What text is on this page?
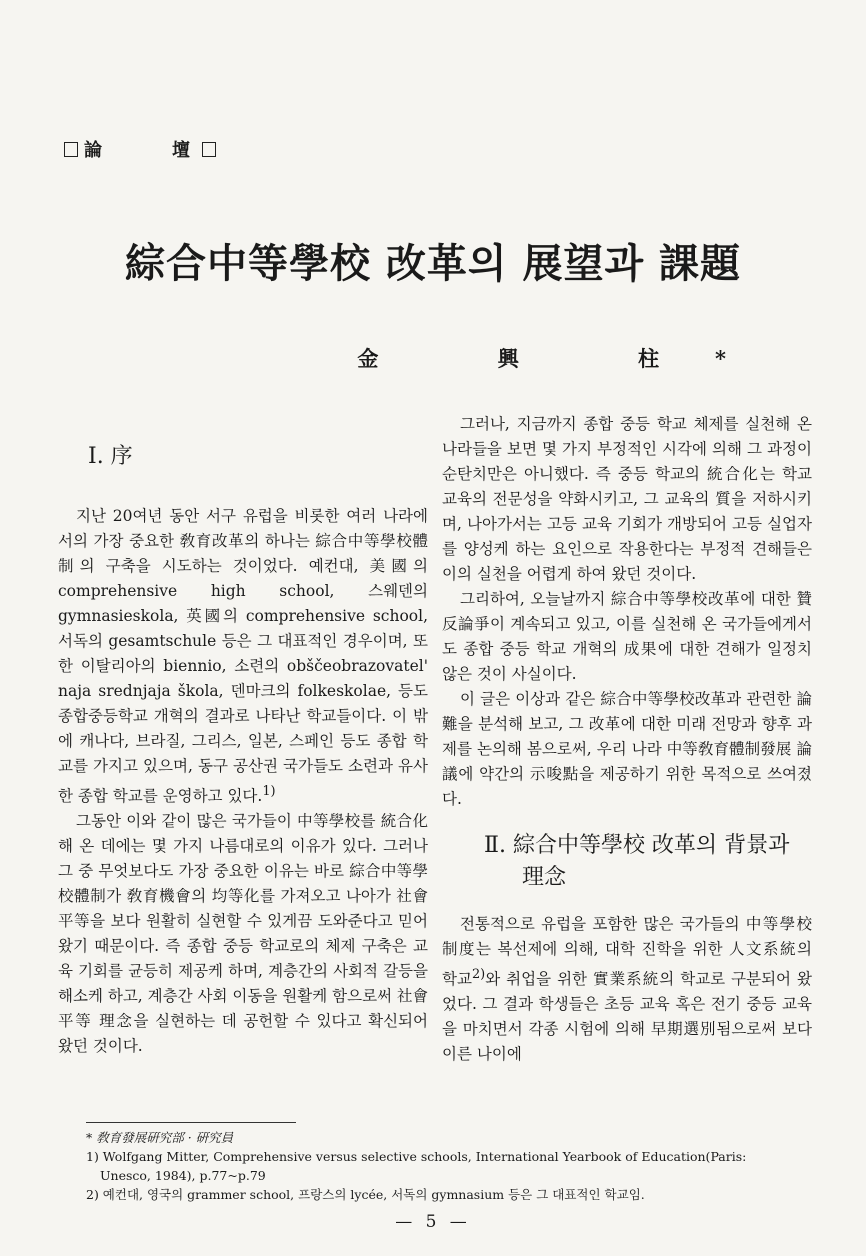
論　壇
綜合中等學校 改革의 展望과 課題
金 興 柱*
Ⅰ. 序

지난 20여년 동안 서구 유럽을 비롯한 여러 나라에서의 가장 중요한 敎育改革의 하나는 綜合中等學校體制의 구축을 시도하는 것이었다. 예컨대, 美國의 comprehensive high school, 스웨덴의 gymnasieskola, 英國의 comprehensive school, 서독의 gesamtschule 등은 그 대표적인 경우이며, 또한 이탈리아의 biennio, 소련의 obščeobrazovatel' naja srednjaja škola, 덴마크의 folkeskolae, 등도 종합중등학교 개혁의 결과로 나타난 학교들이다. 이 밖에 캐나다, 브라질, 그리스, 일본, 스페인 등도 종합 학교를 가지고 있으며, 동구 공산권 국가들도 소련과 유사한 종합 학교를 운영하고 있다.$^{1)}$

그동안 이와 같이 많은 국가들이 中等學校를 統合化해 온 데에는 몇 가지 나름대로의 이유가 있다. 그러나 그 중 무엇보다도 가장 중요한 이유는 바로 綜合中等學校體制가 敎育機會의 均等化를 가져오고 나아가 社會平等을 보다 원활히 실현할 수 있게끔 도와준다고 믿어 왔기 때문이다. 즉 종합 중등 학교로의 체제 구축은 교육 기회를 균등히 제공케 하며, 계층간의 사회적 갈등을 해소케 하고, 계층간 사회 이동을 원활케 함으로써 社會平等 理念을 실현하는 데 공헌할 수 있다고 확신되어 왔던 것이다.

그러나, 지금까지 종합 중등 학교 체제를 실천해 온 나라들을 보면 몇 가지 부정적인 시각에 의해 그 과정이 순탄치만은 아니했다. 즉 중등 학교의 統合化는 학교 교육의 전문성을 약화시키고, 그 교육의 質을 저하시키며, 나아가서는 고등 교육 기회가 개방되어 고등 실업자를 양성케 하는 요인으로 작용한다는 부정적 견해들은 이의 실천을 어렵게 하여 왔던 것이다.

그리하여, 오늘날까지 綜合中等學校改革에 대한 贊反論爭이 계속되고 있고, 이를 실천해 온 국가들에게서도 종합 중등 학교 개혁의 成果에 대한 견해가 일정치 않은 것이 사실이다.

이 글은 이상과 같은 綜合中等學校改革과 관련한 論難을 분석해 보고, 그 改革에 대한 미래 전망과 향후 과제를 논의해 봄으로써, 우리 나라 中等敎育體制發展 論議에 약간의 示唆點을 제공하기 위한 목적으로 쓰여졌다.

Ⅱ. 綜合中等學校 改革의 背景과
理念

전통적으로 유럽을 포함한 많은 국가들의 中等學校制度는 복선제에 의해, 대학 진학을 위한 人文系統의 학교$^{2)}$와 취업을 위한 實業系統의 학교로 구분되어 왔었다. 그 결과 학생들은 초등 교육 혹은 전기 중등 교육을 마치면서 각종 시험에 의해 早期選別됨으로써 보다 이른 나이에

* 敎育發展硏究部 · 硏究員

1) Wolfgang Mitter, Comprehensive versus selective schools, International Yearbook of Education(Paris:

Unesco, 1984), p.77~p.79

2) 예컨대, 영국의 grammer school, 프랑스의 lycée, 서독의 gymnasium 등은 그 대표적인 학교임.

— 5 —
